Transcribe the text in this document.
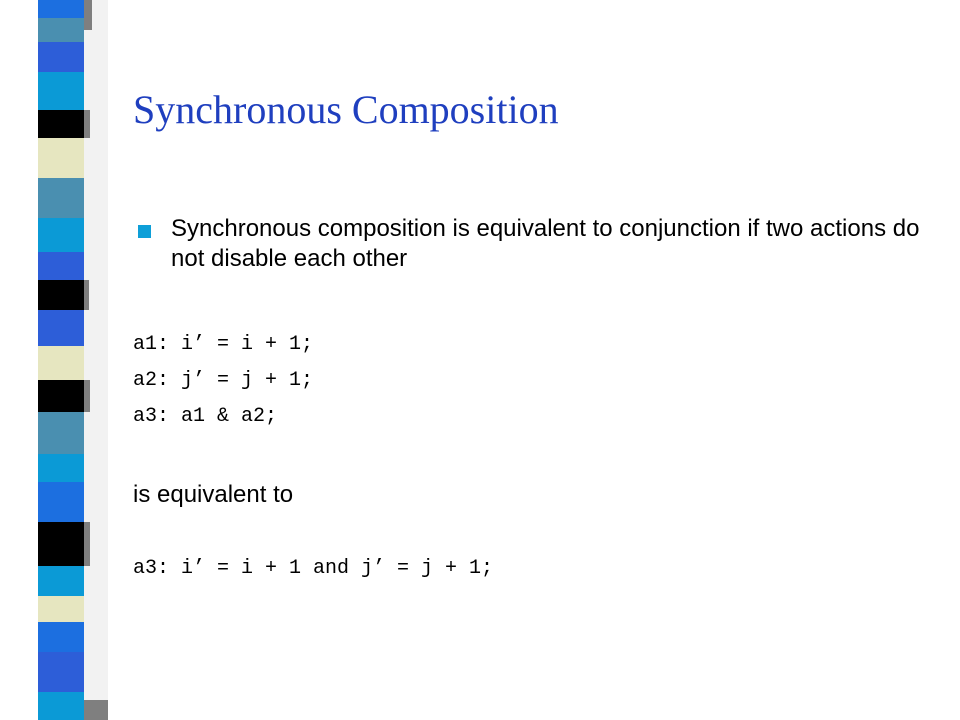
Synchronous Composition
Synchronous composition is equivalent to conjunction if two actions do not disable each other
a1: i’ = i + 1;
a2: j’ = j + 1;
a3: a1 & a2;
is equivalent to
a3: i’ = i + 1 and j’ = j + 1;
